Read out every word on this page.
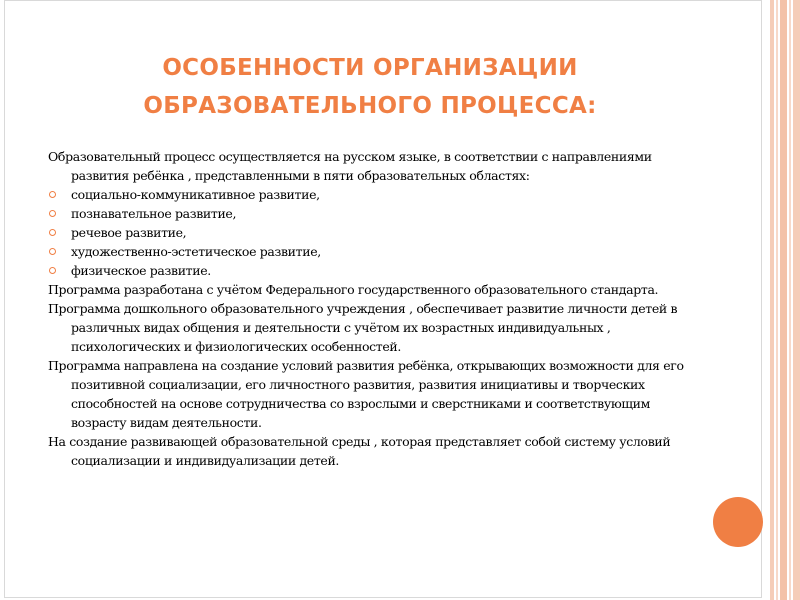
ОСОБЕННОСТИ ОРГАНИЗАЦИИ
ОБРАЗОВАТЕЛЬНОГО ПРОЦЕССА:

Образовательный процесс осуществляется на русском языке, в соответствии с направлениями развития ребёнка , представленными в пяти образовательных областях:

социально-коммуникативное развитие,
познавательное развитие,
речевое развитие,
художественно-эстетическое развитие,
физическое развитие.

Программа разработана с учётом Федерального государственного образовательного стандарта.

Программа дошкольного образовательного учреждения , обеспечивает развитие личности детей в различных видах общения и деятельности с учётом их возрастных индивидуальных , психологических и физиологических особенностей.

Программа направлена на создание условий развития ребёнка, открывающих возможности для его позитивной социализации, его личностного развития, развития инициативы и творческих способностей на основе сотрудничества со взрослыми и сверстниками и соответствующим возрасту видам деятельности.

На создание развивающей образовательной среды , которая представляет собой систему условий социализации и индивидуализации детей.
